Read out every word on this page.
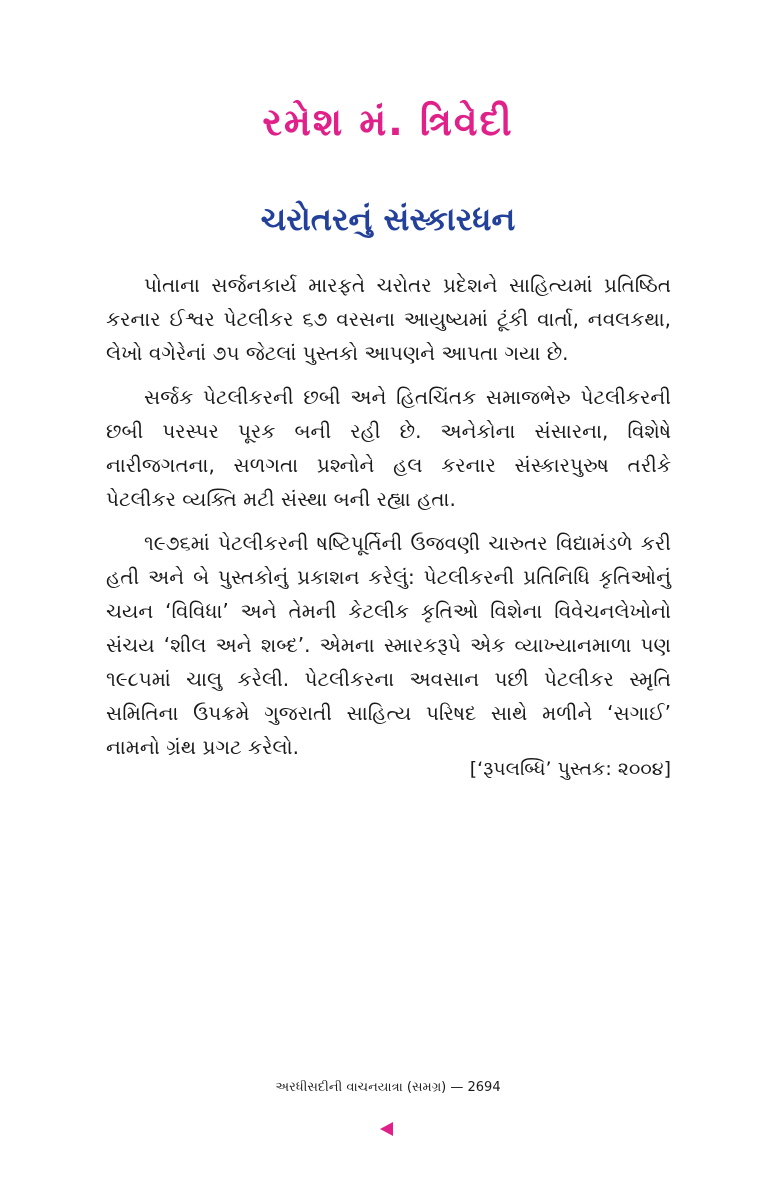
રમેશ મં. ત્રિવેદી
ચરોતરનું સંસ્કારધન

પોતાના સર્જનકાર્ય મારફતે ચરોતર પ્રદેશને સાહિત્યમાં પ્રતિષ્ઠિત કરનાર ઈશ્વર પેટલીકર ૬૭ વરસના આયુષ્યમાં ટૂંકી વાર્તા, નવલકથા, લેખો વગેરેનાં ૭૫ જેટલાં પુસ્તકો આપણને આપતા ગયા છે.

સર્જક પેટલીકરની છબી અને હિતચિંતક સમાજભેરુ પેટલીકરની છબી પરસ્પર પૂરક બની રહી છે. અનેકોના સંસારના, વિશેષે નારીજગતના, સળગતા પ્રશ્નોને હલ કરનાર સંસ્કારપુરુષ તરીકે પેટલીકર વ્યક્તિ મટી સંસ્થા બની રહ્યા હતા.

૧૯૭૬માં પેટલીકરની ષષ્ટિપૂર્તિની ઉજવણી ચારુતર વિદ્યામંડળે કરી હતી અને બે પુસ્તકોનું પ્રકાશન કરેલું: પેટલીકરની પ્રતિનિધિ કૃતિઓનું ચયન ‘વિવિધા’ અને તેમની કેટલીક કૃતિઓ વિશેના વિવેચનલેખોનો સંચય ‘શીલ અને શબ્દ’. એમના સ્મારકરૂપે એક વ્યાખ્યાનમાળા પણ ૧૯૮૫માં ચાલુ કરેલી. પેટલીકરના અવસાન પછી પેટલીકર સ્મૃતિ સમિતિના ઉપક્રમે ગુજરાતી સાહિત્ય પરિષદ સાથે મળીને ‘સગાઈ’ નામનો ગ્રંથ પ્રગટ કરેલો.

[‘રૂપલબ્ધિ’ પુસ્તક: ૨૦૦૪]
અરધીસદીની વાચનયાત્રા (સમગ્ર) — 2694
